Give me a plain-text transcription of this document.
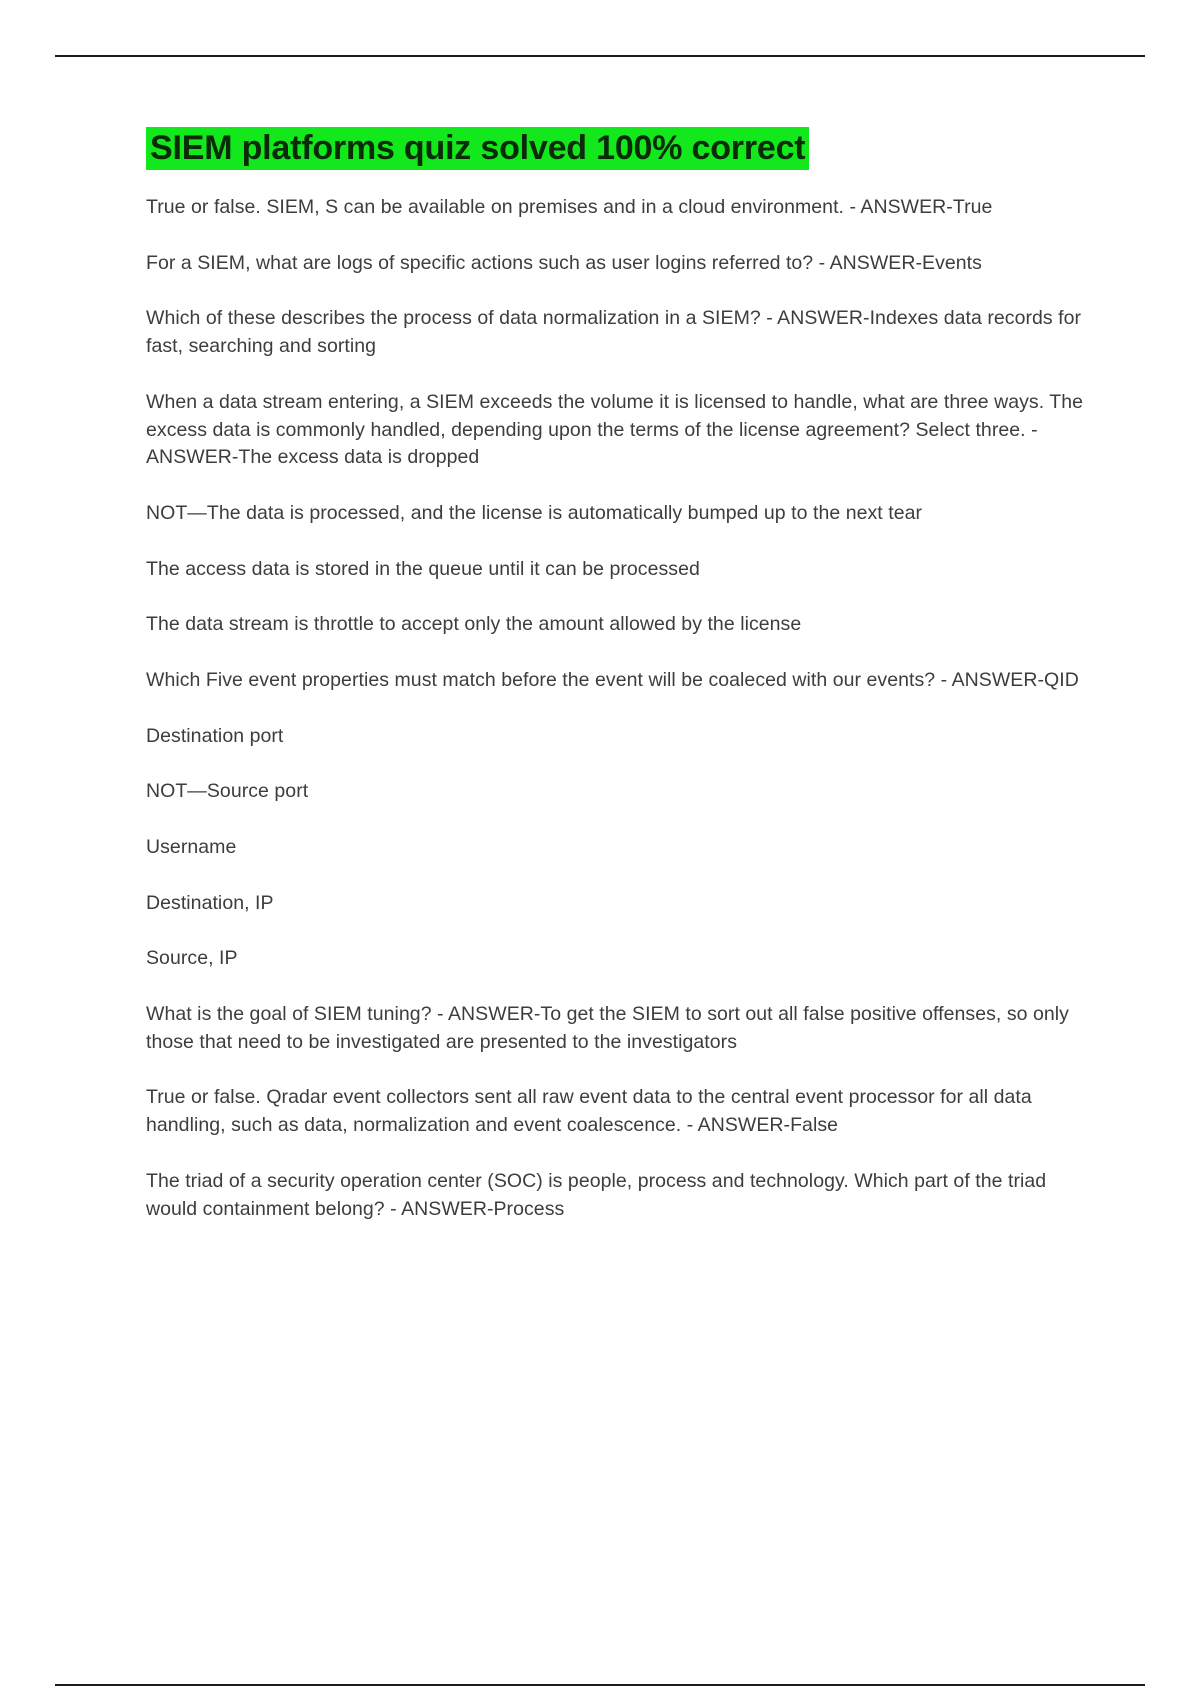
SIEM platforms quiz solved 100% correct

True or false. SIEM, S can be available on premises and in a cloud environment. - ANSWER-True

For a SIEM, what are logs of specific actions such as user logins referred to? - ANSWER-Events

Which of these describes the process of data normalization in a SIEM? - ANSWER-Indexes data records for fast, searching and sorting

When a data stream entering, a SIEM exceeds the volume it is licensed to handle, what are three ways. The excess data is commonly handled, depending upon the terms of the license agreement? Select three. - ANSWER-The excess data is dropped

NOT—The data is processed, and the license is automatically bumped up to the next tear

The access data is stored in the queue until it can be processed

The data stream is throttle to accept only the amount allowed by the license

Which Five event properties must match before the event will be coaleced with our events? - ANSWER-QID

Destination port

NOT—Source port

Username

Destination, IP

Source, IP

What is the goal of SIEM tuning? - ANSWER-To get the SIEM to sort out all false positive offenses, so only those that need to be investigated are presented to the investigators

True or false. Qradar event collectors sent all raw event data to the central event processor for all data handling, such as data, normalization and event coalescence. - ANSWER-False

The triad of a security operation center (SOC) is people, process and technology. Which part of the triad would containment belong? - ANSWER-Process
